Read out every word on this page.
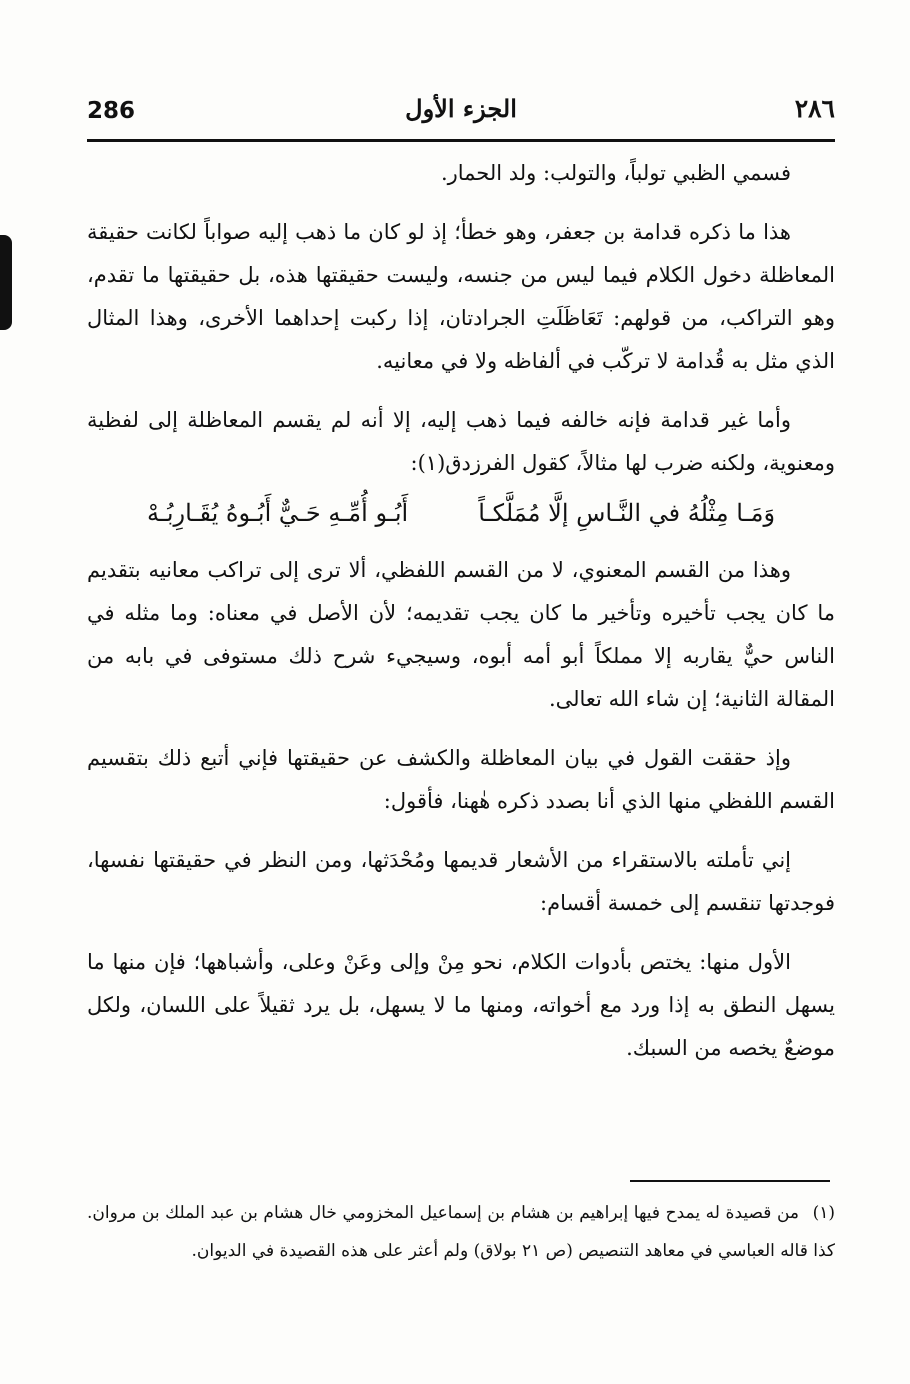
286	الجزء الأول	٢٨٦

فسمي الظبي تولباً، والتولب: ولد الحمار.

هذا ما ذكره قدامة بن جعفر، وهو خطأ؛ إذ لو كان ما ذهب إليه صواباً لكانت حقيقة المعاظلة دخول الكلام فيما ليس من جنسه، وليست حقيقتها هذه، بل حقيقتها ما تقدم، وهو التراكب، من قولهم: تَعَاظَلَتِ الجرادتان، إذا ركبت إحداهما الأخرى، وهذا المثال الذي مثل به قُدامة لا تركّب في ألفاظه ولا في معانيه.

وأما غير قدامة فإنه خالفه فيما ذهب إليه، إلا أنه لم يقسم المعاظلة إلى لفظية ومعنوية، ولكنه ضرب لها مثالاً، كقول الفرزدق(١):

وَمَـا مِثْلُهُ في النَّـاسِ إلَّا مُمَلَّكـاً
أَبُـو أُمِّـهِ حَـيٌّ أَبُـوهُ يُقَـارِبُـهْ

وهذا من القسم المعنوي، لا من القسم اللفظي، ألا ترى إلى تراكب معانيه بتقديم ما كان يجب تأخيره وتأخير ما كان يجب تقديمه؛ لأن الأصل في معناه: وما مثله في الناس حيٌّ يقاربه إلا مملكاً أبو أمه أبوه، وسيجيء شرح ذلك مستوفى في بابه من المقالة الثانية؛ إن شاء الله تعالى.

وإذ حققت القول في بيان المعاظلة والكشف عن حقيقتها فإني أتبع ذلك بتقسيم القسم اللفظي منها الذي أنا بصدد ذكره هٰهنا، فأقول:

إني تأملته بالاستقراء من الأشعار قديمها ومُحْدَثها، ومن النظر في حقيقتها نفسها، فوجدتها تنقسم إلى خمسة أقسام:

الأول منها: يختص بأدوات الكلام، نحو مِنْ وإلى وعَنْ وعلى، وأشباهها؛ فإن منها ما يسهل النطق به إذا ورد مع أخواته، ومنها ما لا يسهل، بل يرد ثقيلاً على اللسان، ولكل موضعٌ يخصه من السبك.

(١) من قصيدة له يمدح فيها إبراهيم بن هشام بن إسماعيل المخزومي خال هشام بن عبد الملك بن مروان. كذا قاله العباسي في معاهد التنصيص (ص ٢١ بولاق) ولم أعثر على هذه القصيدة في الديوان.
